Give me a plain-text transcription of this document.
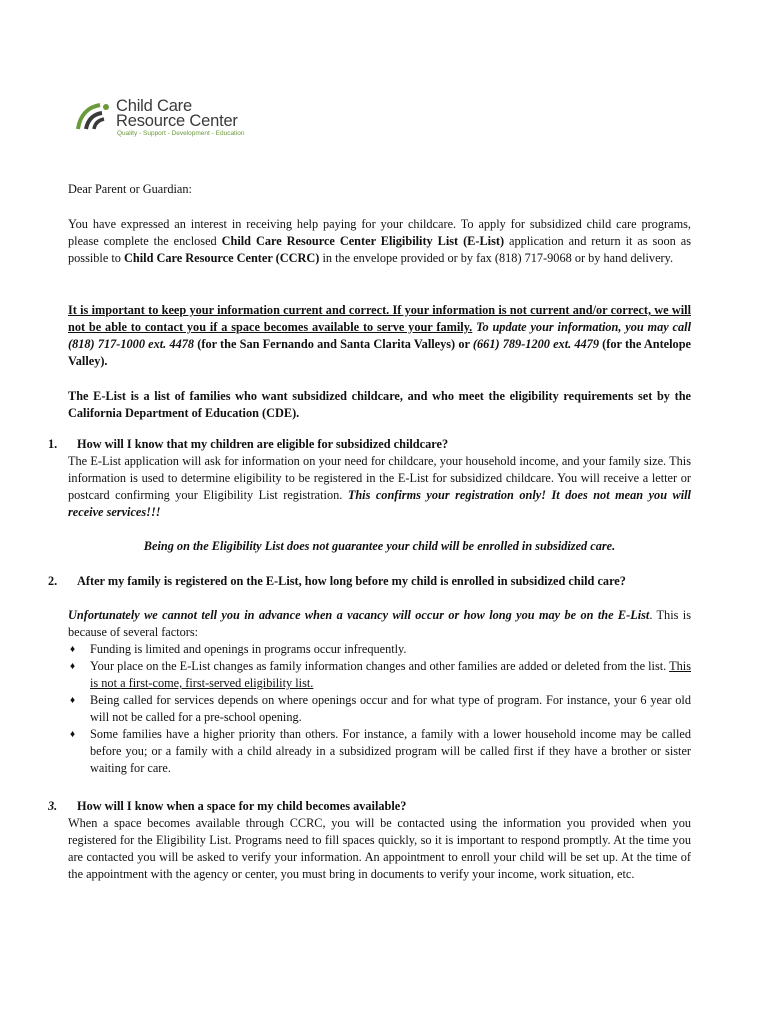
Child Care
Resource Center
Quality - Support - Development - Education

Dear Parent or Guardian:

You have expressed an interest in receiving help paying for your childcare. To apply for subsidized child care programs, please complete the enclosed Child Care Resource Center Eligibility List (E-List) application and return it as soon as possible to Child Care Resource Center (CCRC) in the envelope provided or by fax (818) 717-9068 or by hand delivery.

It is important to keep your information current and correct. If your information is not current and/or correct, we will not be able to contact you if a space becomes available to serve your family. To update your information, you may call (818) 717-1000 ext. 4478 (for the San Fernando and Santa Clarita Valleys) or (661) 789-1200 ext. 4479 (for the Antelope Valley).

The E-List is a list of families who want subsidized childcare, and who meet the eligibility requirements set by the California Department of Education (CDE).

1. How will I know that my children are eligible for subsidized childcare?

The E-List application will ask for information on your need for childcare, your household income, and your family size. This information is used to determine eligibility to be registered in the E-List for subsidized childcare. You will receive a letter or postcard confirming your Eligibility List registration. This confirms your registration only! It does not mean you will receive services!!!

Being on the Eligibility List does not guarantee your child will be enrolled in subsidized care.

2. After my family is registered on the E-List, how long before my child is enrolled in subsidized child care?

Unfortunately we cannot tell you in advance when a vacancy will occur or how long you may be on the E-List. This is because of several factors:

♦ Funding is limited and openings in programs occur infrequently.
♦ Your place on the E-List changes as family information changes and other families are added or deleted from the list. This is not a first-come, first-served eligibility list.
♦ Being called for services depends on where openings occur and for what type of program. For instance, your 6 year old will not be called for a pre-school opening.
♦ Some families have a higher priority than others. For instance, a family with a lower household income may be called before you; or a family with a child already in a subsidized program will be called first if they have a brother or sister waiting for care.
3. How will I know when a space for my child becomes available?

When a space becomes available through CCRC, you will be contacted using the information you provided when you registered for the Eligibility List. Programs need to fill spaces quickly, so it is important to respond promptly. At the time you are contacted you will be asked to verify your information. An appointment to enroll your child will be set up. At the time of the appointment with the agency or center, you must bring in documents to verify your income, work situation, etc.
